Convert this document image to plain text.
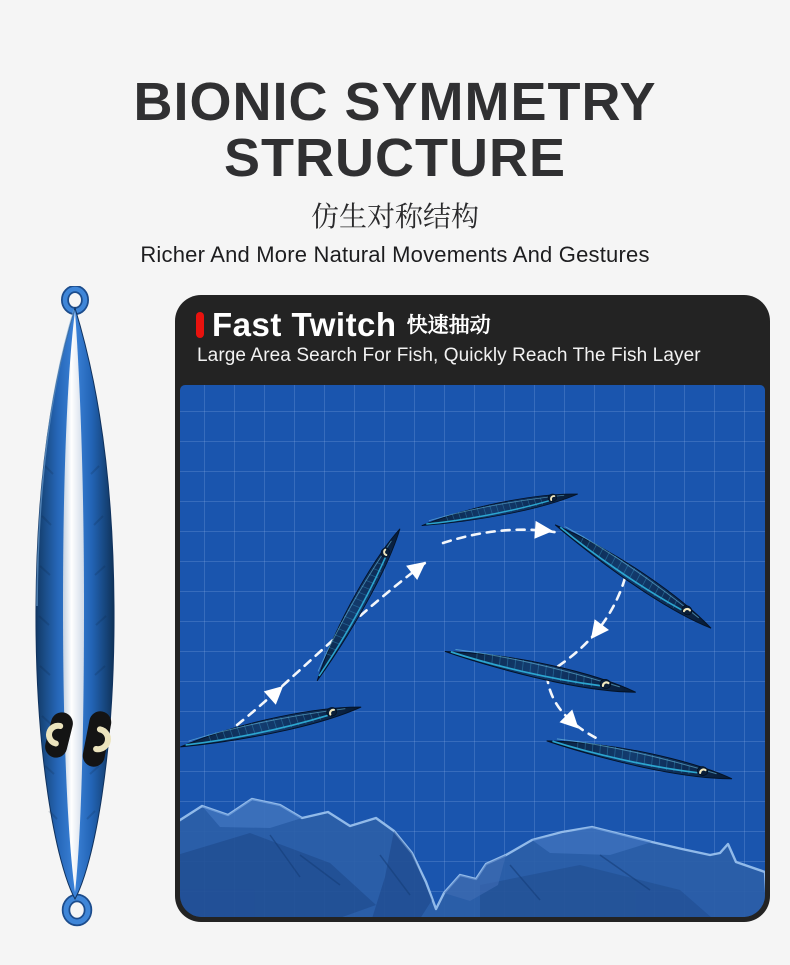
BIONIC SYMMETRY
STRUCTURE
仿生对称结构
Richer And More Natural Movements And Gestures
Fast Twitch 快速抽动

Large Area Search For Fish, Quickly Reach The Fish Layer
